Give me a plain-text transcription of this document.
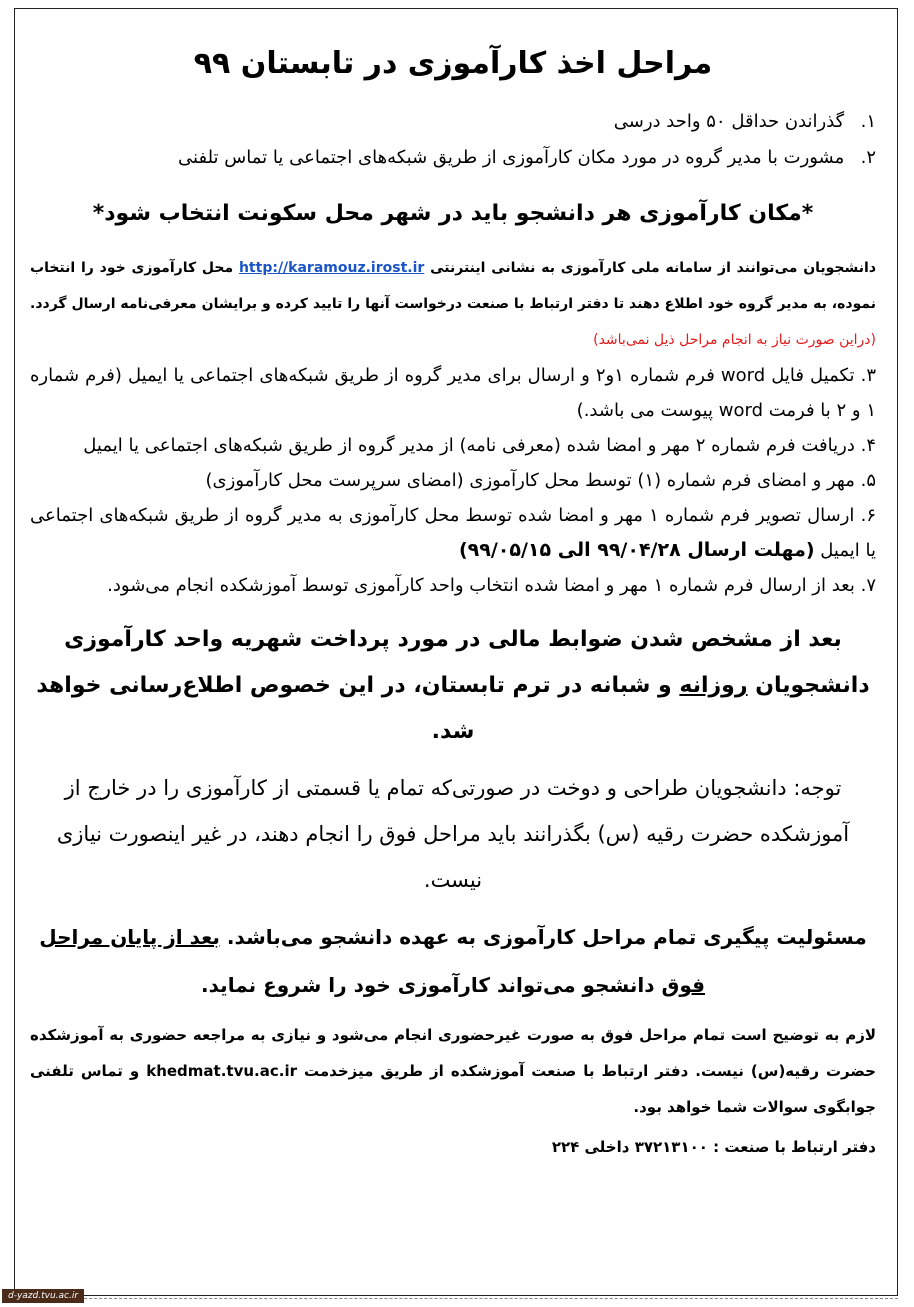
مراحل اخذ کارآموزی در تابستان ۹۹

۱. گذراندن حداقل ۵۰ واحد درسی

۲. مشورت با مدیر گروه در مورد مکان کارآموزی از طریق شبکه‌های اجتماعی یا تماس تلفنی

*مکان کارآموزی هر دانشجو باید در شهر محل سکونت انتخاب شود*
دانشجویان می‌توانند از سامانه ملی کارآموزی به نشانی اینترنتی http://karamouz.irost.ir محل کارآموزی خود را انتخاب نموده، به مدیر گروه خود اطلاع دهند تا دفتر ارتباط با صنعت درخواست آنها را تایید کرده و برایشان معرفی‌نامه ارسال گردد. (دراین صورت نیاز به انجام مراحل ذیل نمی‌باشد)

۳. تکمیل فایل word فرم شماره ۱و۲ و ارسال برای مدیر گروه از طریق شبکه‌های اجتماعی یا ایمیل (فرم شماره ۱ و ۲ با فرمت word پیوست می باشد.)

۴. دریافت فرم شماره ۲ مهر و امضا شده (معرفی نامه) از مدیر گروه از طریق شبکه‌های اجتماعی یا ایمیل

۵. مهر و امضای فرم شماره (۱) توسط محل کارآموزی (امضای سرپرست محل کارآموزی)

۶. ارسال تصویر فرم شماره ۱ مهر و امضا شده توسط محل کارآموزی به مدیر گروه از طریق شبکه‌های اجتماعی یا ایمیل (مهلت ارسال ۹۹/۰۴/۲۸ الی ۹۹/۰۵/۱۵)

۷. بعد از ارسال فرم شماره ۱ مهر و امضا شده انتخاب واحد کارآموزی توسط آموزشکده انجام می‌شود.

بعد از مشخص شدن ضوابط مالی در مورد پرداخت شهریه واحد کارآموزی دانشجویان روزانه و شبانه در ترم تابستان، در این خصوص اطلاع‌رسانی خواهد شد.
توجه: دانشجویان طراحی و دوخت در صورتی‌که تمام یا قسمتی از کارآموزی را در خارج از آموزشکده حضرت رقیه (س) بگذرانند باید مراحل فوق را انجام دهند، در غیر اینصورت نیازی نیست.
مسئولیت پیگیری تمام مراحل کارآموزی به عهده دانشجو می‌باشد. بعد از پایان مراحل فوق دانشجو می‌تواند کارآموزی خود را شروع نماید.
لازم به توضیح است تمام مراحل فوق به صورت غیرحضوری انجام می‌شود و نیازی به مراجعه حضوری به آموزشکده حضرت رقیه(س) نیست. دفتر ارتباط با صنعت آموزشکده از طریق میزخدمت khedmat.tvu.ac.ir و تماس تلفنی جوابگوی سوالات شما خواهد بود.
دفتر ارتباط با صنعت : ۳۷۲۱۳۱۰۰ داخلی ۲۲۴
d-yazd.tvu.ac.ir
